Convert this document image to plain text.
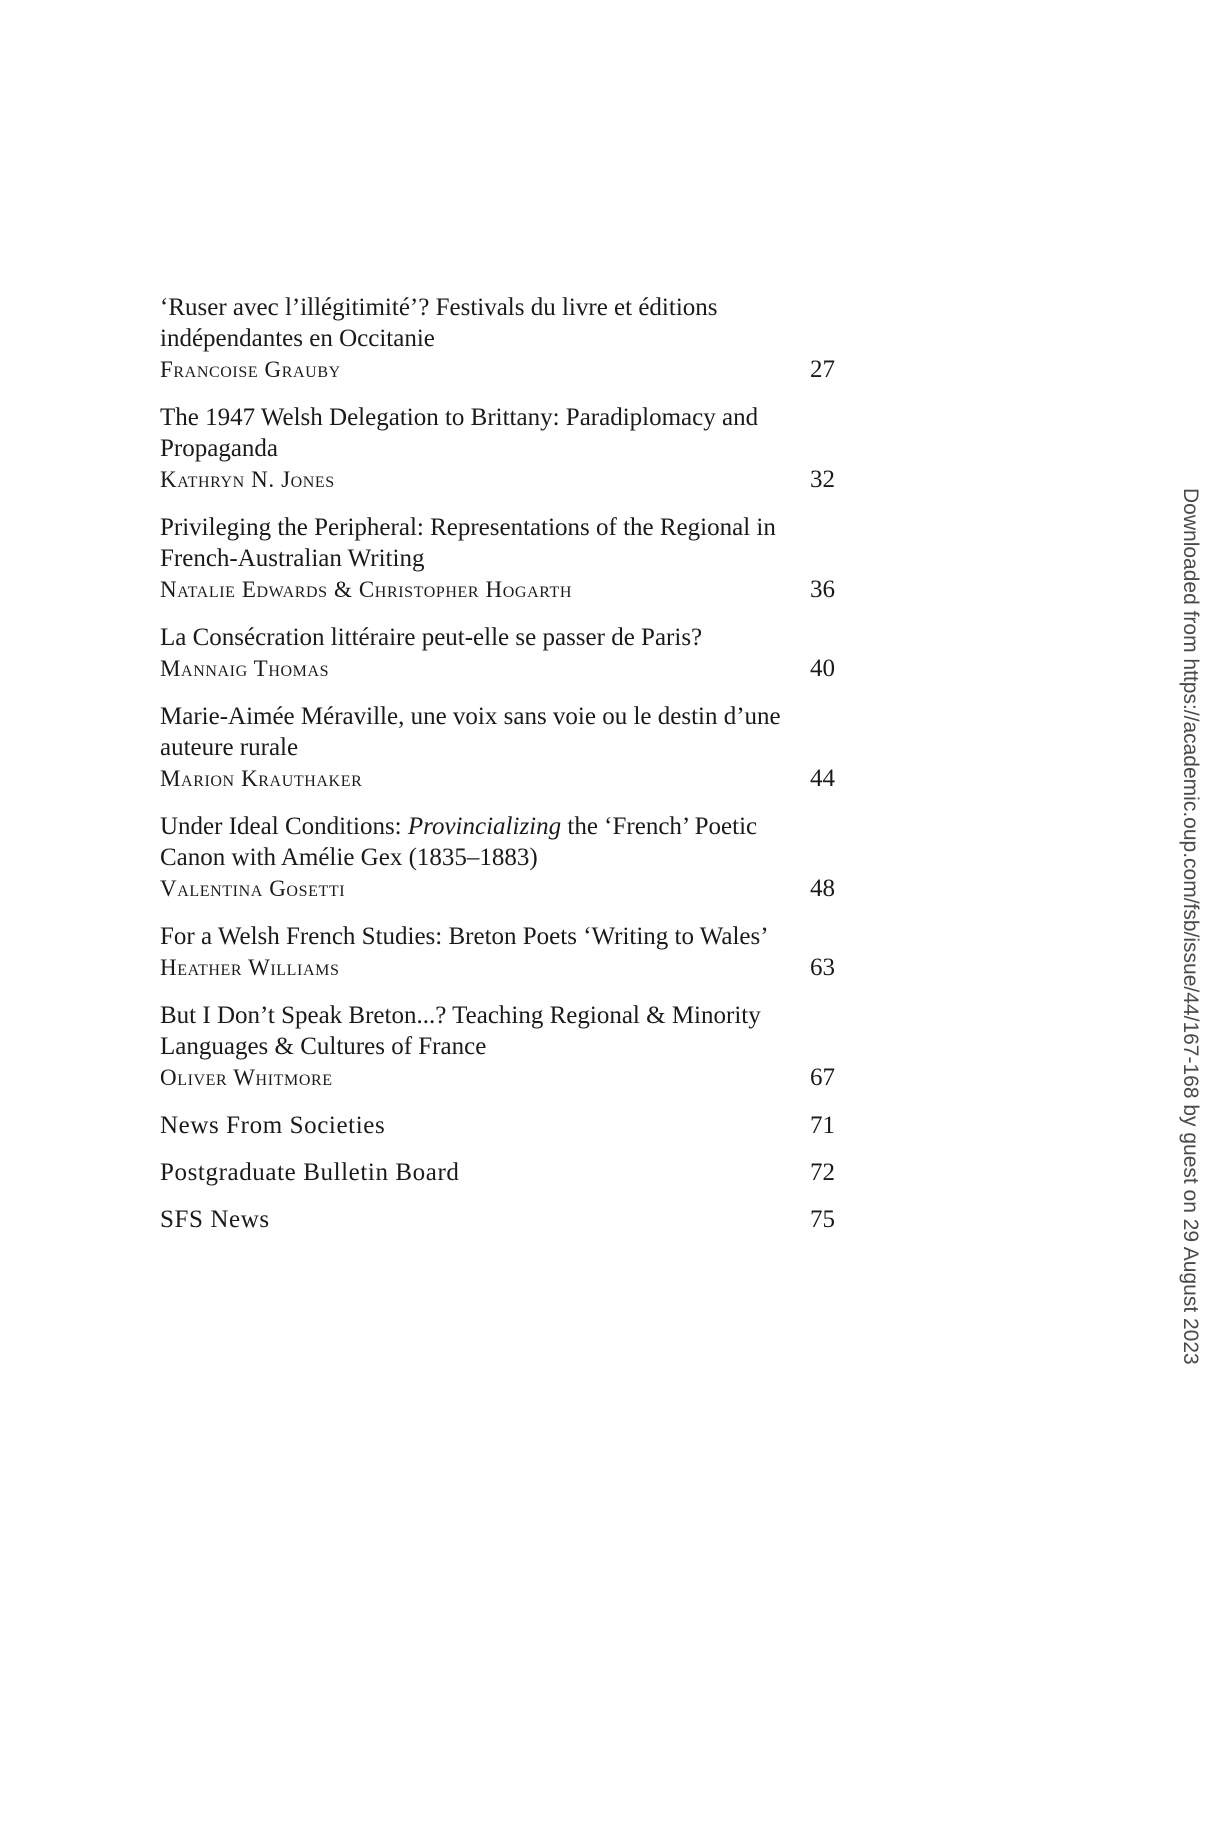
‘Ruser avec l’illégitimité’? Festivals du livre et éditions indépendantes en Occitanie
Francoise Grauby	27
The 1947 Welsh Delegation to Brittany: Paradiplomacy and Propaganda
Kathryn N. Jones	32
Privileging the Peripheral: Representations of the Regional in French-Australian Writing
Natalie Edwards & Christopher Hogarth	36
La Consécration littéraire peut-elle se passer de Paris?
Mannaig Thomas	40
Marie-Aimée Méraville, une voix sans voie ou le destin d’une auteure rurale
Marion Krauthaker	44
Under Ideal Conditions: Provincializing the ‘French’ Poetic Canon with Amélie Gex (1835–1883)
Valentina Gosetti	48
For a Welsh French Studies: Breton Poets ‘Writing to Wales’
Heather Williams	63
But I Don’t Speak Breton...? Teaching Regional & Minority Languages & Cultures of France
Oliver Whitmore	67
News From Societies	71
Postgraduate Bulletin Board	72
SFS News	75	Downloaded from https://academic.oup.com/fsb/issue/44/167-168 by guest on 29 August 2023
